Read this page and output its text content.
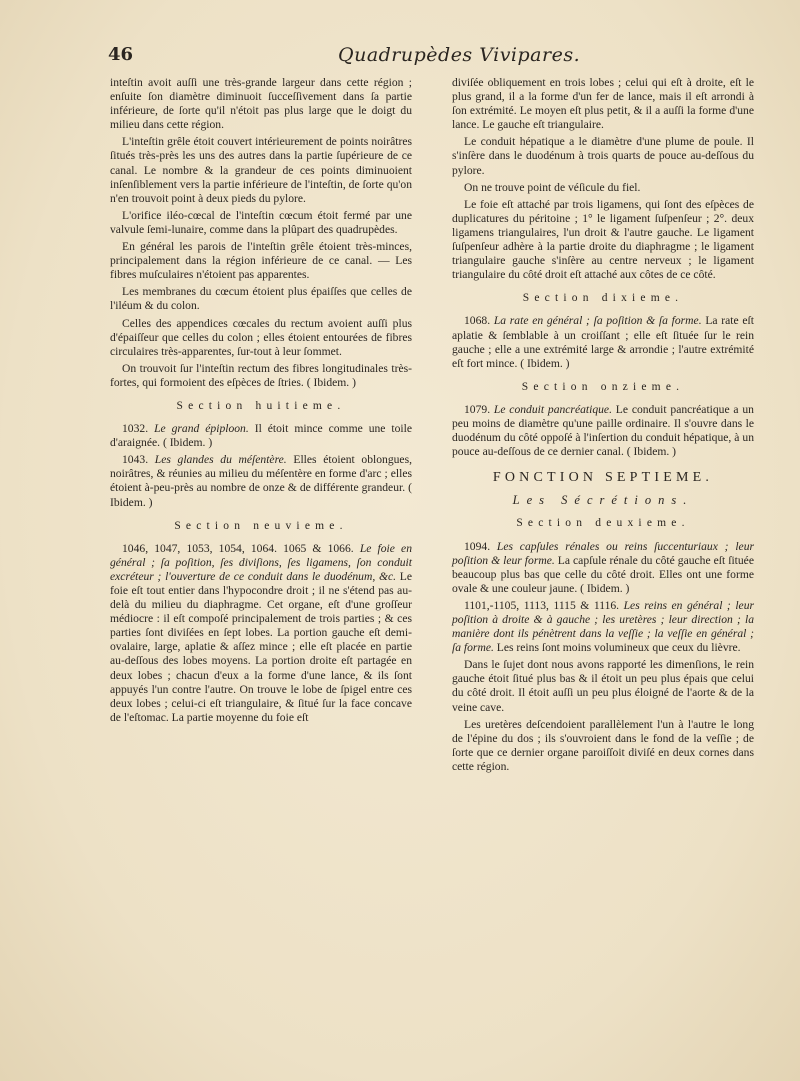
46	Quadrupèdes Vivipares.

inteſtin avoit auſſi une très-grande largeur dans cette région ; enſuite ſon diamètre diminuoit ſucceſſivement dans ſa partie inférieure, de ſorte qu'il n'étoit pas plus large que le doigt du milieu dans cette région.

L'inteſtin grêle étoit couvert intérieurement de points noirâtres ſitués très-près les uns des autres dans la partie ſupérieure de ce canal. Le nombre & la grandeur de ces points diminuoient inſenſiblement vers la partie inférieure de l'inteſtin, de ſorte qu'on n'en trouvoit point à deux pieds du pylore.

L'orifice iléo-cœcal de l'inteſtin cœcum étoit fermé par une valvule ſemi-lunaire, comme dans la plûpart des quadrupèdes.

En général les parois de l'inteſtin grêle étoient très-minces, principalement dans la région inférieure de ce canal. — Les fibres muſculaires n'étoient pas apparentes.

Les membranes du cœcum étoient plus épaiſſes que celles de l'iléum & du colon.

Celles des appendices cœcales du rectum avoient auſſi plus d'épaiſſeur que celles du colon ; elles étoient entourées de fibres circulaires très-apparentes, ſur-tout à leur ſommet.

On trouvoit ſur l'inteſtin rectum des fibres longitudinales très-fortes, qui formoient des eſpèces de ſtries. ( Ibidem. )

Section huitieme.

1032. Le grand épiploon. Il étoit mince comme une toile d'araignée. ( Ibidem. )

1043. Les glandes du méſentère. Elles étoient oblongues, noirâtres, & réunies au milieu du méſentère en forme d'arc ; elles étoient à-peu-près au nombre de onze & de différente grandeur. ( Ibidem. )

Section neuvieme.

1046, 1047, 1053, 1054, 1064. 1065 & 1066. Le foie en général ; ſa poſition, ſes diviſions, ſes ligamens, ſon conduit excréteur ; l'ouverture de ce conduit dans le duodénum, &c. Le foie eſt tout entier dans l'hypocondre droit ; il ne s'étend pas au-delà du milieu du diaphragme. Cet organe, eſt d'une groſſeur médiocre : il eſt compoſé principalement de trois parties ; & ces parties ſont diviſées en ſept lobes. La portion gauche eſt demi-ovalaire, large, aplatie & aſſez mince ; elle eſt placée en partie au-deſſous des lobes moyens. La portion droite eſt partagée en deux lobes ; chacun d'eux a la forme d'une lance, & ils ſont appuyés l'un contre l'autre. On trouve le lobe de ſpigel entre ces deux lobes ; celui-ci eſt triangulaire, & ſitué ſur la face concave de l'eſtomac. La partie moyenne du foie eſt

diviſée obliquement en trois lobes ; celui qui eſt à droite, eſt le plus grand, il a la forme d'un fer de lance, mais il eſt arrondi à ſon extrémité. Le moyen eſt plus petit, & il a auſſi la forme d'une lance. Le gauche eſt triangulaire.

Le conduit hépatique a le diamètre d'une plume de poule. Il s'inſère dans le duodénum à trois quarts de pouce au-deſſous du pylore.

On ne trouve point de véſicule du fiel.

Le foie eſt attaché par trois ligamens, qui ſont des eſpèces de duplicatures du péritoine ; 1° le ligament ſuſpenſeur ; 2°. deux ligamens triangulaires, l'un droit & l'autre gauche. Le ligament ſuſpenſeur adhère à la partie droite du diaphragme ; le ligament triangulaire gauche s'inſère au centre nerveux ; le ligament triangulaire du côté droit eſt attaché aux côtes de ce côté.

Section dixieme.

1068. La rate en général ; ſa poſition & ſa forme. La rate eſt aplatie & ſemblable à un croiſſant ; elle eſt ſituée ſur le rein gauche ; elle a une extrémité large & arrondie ; l'autre extrémité eſt fort mince. ( Ibidem. )

Section onzieme.

1079. Le conduit pancréatique. Le conduit pancréatique a un peu moins de diamètre qu'une paille ordinaire. Il s'ouvre dans le duodénum du côté oppoſé à l'inſertion du conduit hépatique, à un pouce au-deſſous de ce dernier canal. ( Ibidem. )

FONCTION SEPTIEME.
Les Sécrétions.
Section deuxieme.

1094. Les capſules rénales ou reins ſuccenturiaux ; leur poſition & leur forme. La capſule rénale du côté gauche eſt ſituée beaucoup plus bas que celle du côté droit. Elles ont une forme ovale & une couleur jaune. ( Ibidem. )

1101,-1105, 1113, 1115 & 1116. Les reins en général ; leur poſition à droite & à gauche ; les uretères ; leur direction ; la manière dont ils pénètrent dans la veſſie ; la veſſie en général ; ſa forme. Les reins ſont moins volumineux que ceux du lièvre.

Dans le ſujet dont nous avons rapporté les dimenſions, le rein gauche étoit ſitué plus bas & il étoit un peu plus épais que celui du côté droit. Il étoit auſſi un peu plus éloigné de l'aorte & de la veine cave.

Les uretères deſcendoient parallèlement l'un à l'autre le long de l'épine du dos ; ils s'ouvroient dans le fond de la veſſie ; de ſorte que ce dernier organe paroiſſoit diviſé en deux cornes dans cette région.
